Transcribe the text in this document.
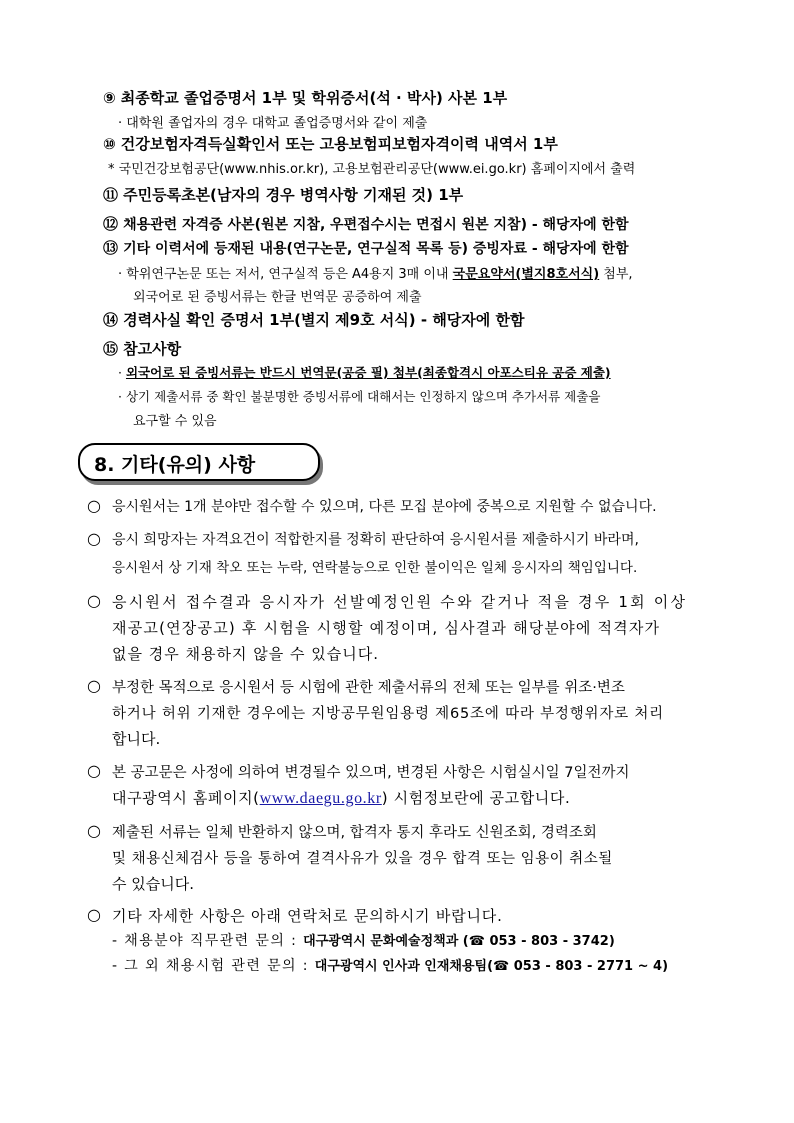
⑨ 최종학교 졸업증명서 1부 및 학위증서(석 · 박사) 사본 1부
· 대학원 졸업자의 경우 대학교 졸업증명서와 같이 제출
⑩ 건강보험자격득실확인서 또는 고용보험피보험자격이력 내역서 1부
* 국민건강보험공단(www.nhis.or.kr), 고용보험관리공단(www.ei.go.kr) 홈페이지에서 출력
⑪ 주민등록초본(남자의 경우 병역사항 기재된 것) 1부
⑫ 채용관련 자격증 사본(원본 지참, 우편접수시는 면접시 원본 지참) - 해당자에 한함
⑬ 기타 이력서에 등재된 내용(연구논문, 연구실적 목록 등) 증빙자료 - 해당자에 한함
· 학위연구논문 또는 저서, 연구실적 등은 A4용지 3매 이내 국문요약서(별지8호서식) 첨부,
외국어로 된 증빙서류는 한글 번역문 공증하여 제출
⑭ 경력사실 확인 증명서 1부(별지 제9호 서식) - 해당자에 한함
⑮ 참고사항
· 외국어로 된 증빙서류는 반드시 번역문(공증 필) 첨부(최종합격시 아포스티유 공증 제출)
· 상기 제출서류 중 확인 불분명한 증빙서류에 대해서는 인정하지 않으며 추가서류 제출을
요구할 수 있음
8. 기타(유의) 사항
○ 응시원서는 1개 분야만 접수할 수 있으며, 다른 모집 분야에 중복으로 지원할 수 없습니다.
○ 응시 희망자는 자격요건이 적합한지를 정확히 판단하여 응시원서를 제출하시기 바라며,
응시원서 상 기재 착오 또는 누락, 연락불능으로 인한 불이익은 일체 응시자의 책임입니다.
○ 응시원서 접수결과 응시자가 선발예정인원 수와 같거나 적을 경우 1회 이상
재공고(연장공고) 후 시험을 시행할 예정이며, 심사결과 해당분야에 적격자가
없을 경우 채용하지 않을 수 있습니다.
○ 부정한 목적으로 응시원서 등 시험에 관한 제출서류의 전체 또는 일부를 위조·변조
하거나 허위 기재한 경우에는 지방공무원임용령 제65조에 따라 부정행위자로 처리
합니다.
○ 본 공고문은 사정에 의하여 변경될수 있으며, 변경된 사항은 시험실시일 7일전까지
대구광역시 홈페이지(www.daegu.go.kr) 시험정보란에 공고합니다.
○ 제출된 서류는 일체 반환하지 않으며, 합격자 통지 후라도 신원조회, 경력조회
및 채용신체검사 등을 통하여 결격사유가 있을 경우 합격 또는 임용이 취소될
수 있습니다.
○ 기타 자세한 사항은 아래 연락처로 문의하시기 바랍니다.
- 채용분야 직무관련 문의 : 대구광역시 문화예술정책과 (☎ 053 - 803 - 3742)
- 그 외 채용시험 관련 문의 : 대구광역시 인사과 인재채용팀(☎ 053 - 803 - 2771 ~ 4)
